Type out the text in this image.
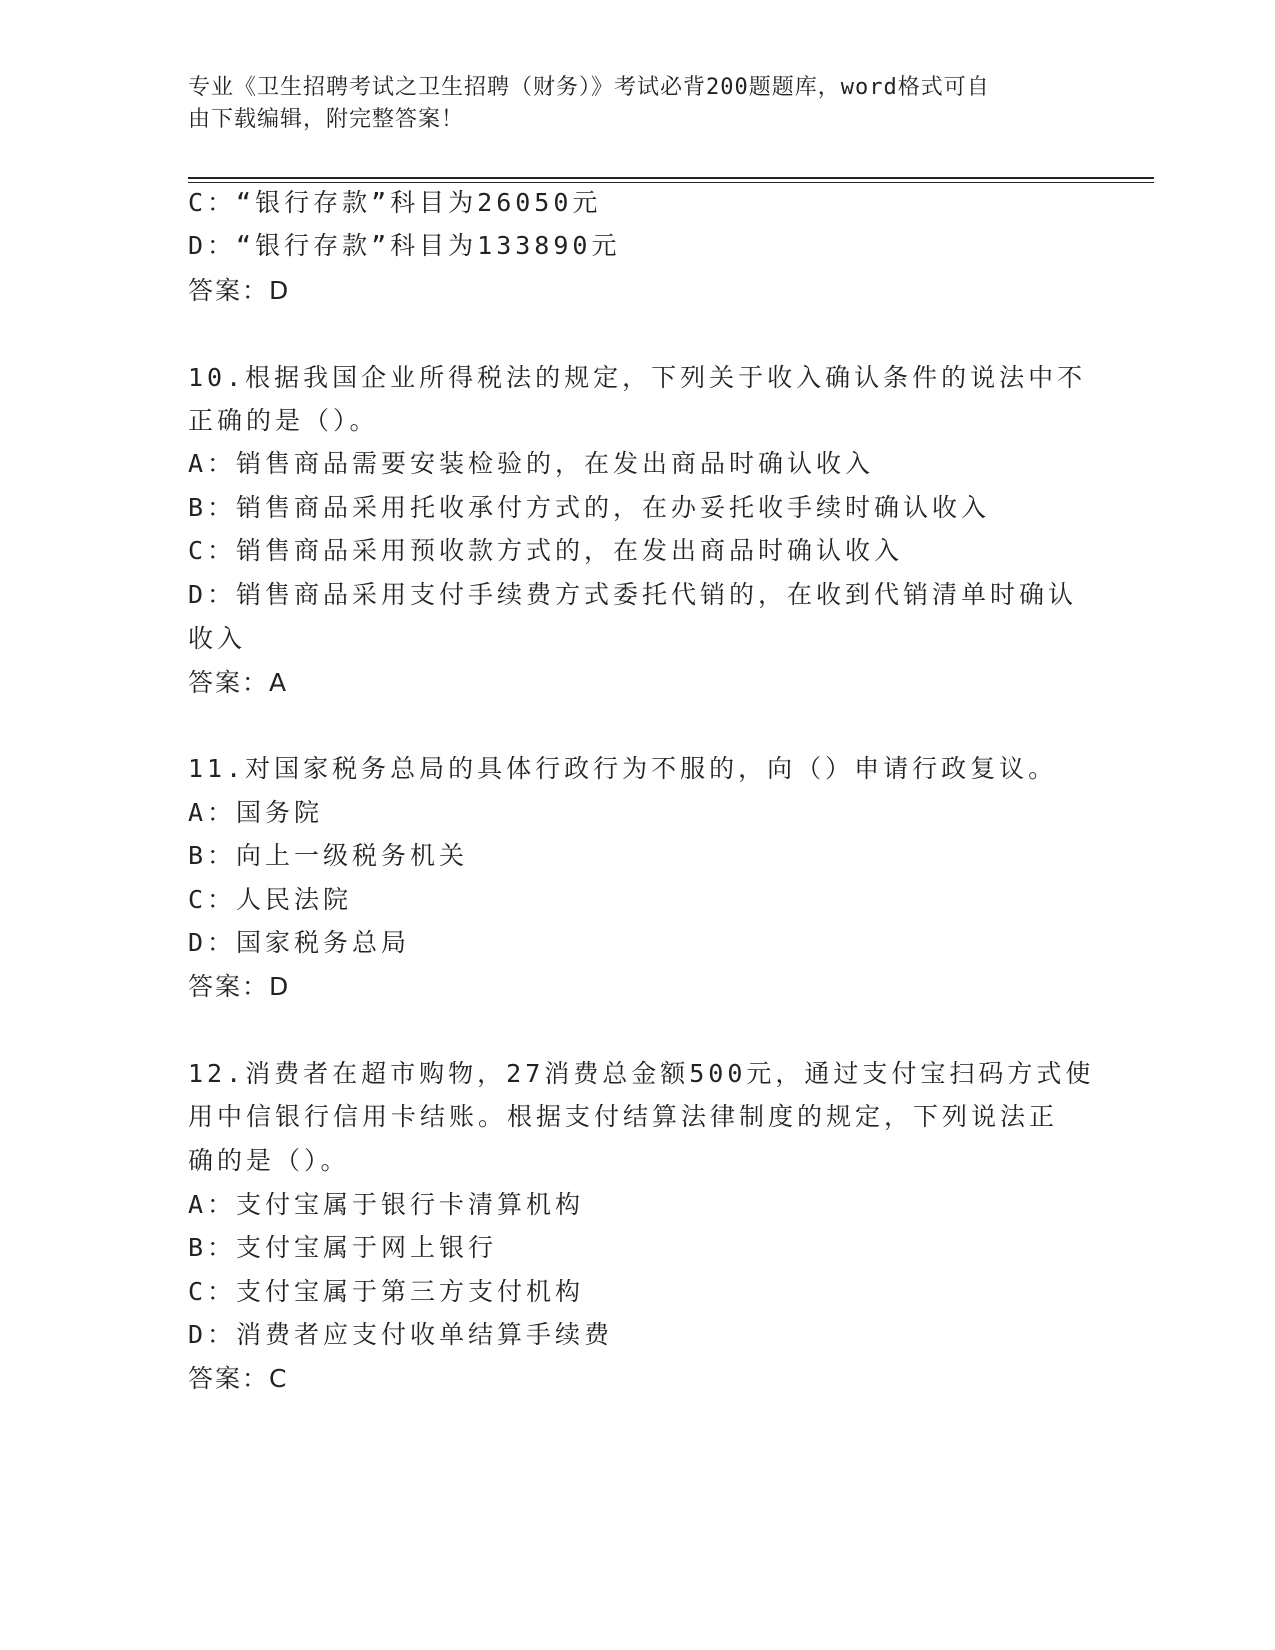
专业《卫生招聘考试之卫生招聘（财务）》考试必背200题题库，word格式可自
由下载编辑，附完整答案！
C：“银行存款”科目为26050元
D：“银行存款”科目为133890元
答案：D
10.根据我国企业所得税法的规定，下列关于收入确认条件的说法中不
正确的是（）。
A：销售商品需要安装检验的，在发出商品时确认收入
B：销售商品采用托收承付方式的，在办妥托收手续时确认收入
C：销售商品采用预收款方式的，在发出商品时确认收入
D：销售商品采用支付手续费方式委托代销的，在收到代销清单时确认
收入
答案：A
11.对国家税务总局的具体行政行为不服的，向（）申请行政复议。
A：国务院
B：向上一级税务机关
C：人民法院
D：国家税务总局
答案：D
12.消费者在超市购物，27消费总金额500元，通过支付宝扫码方式使
用中信银行信用卡结账。根据支付结算法律制度的规定，下列说法正
确的是（）。
A：支付宝属于银行卡清算机构
B：支付宝属于网上银行
C：支付宝属于第三方支付机构
D：消费者应支付收单结算手续费
答案：C
